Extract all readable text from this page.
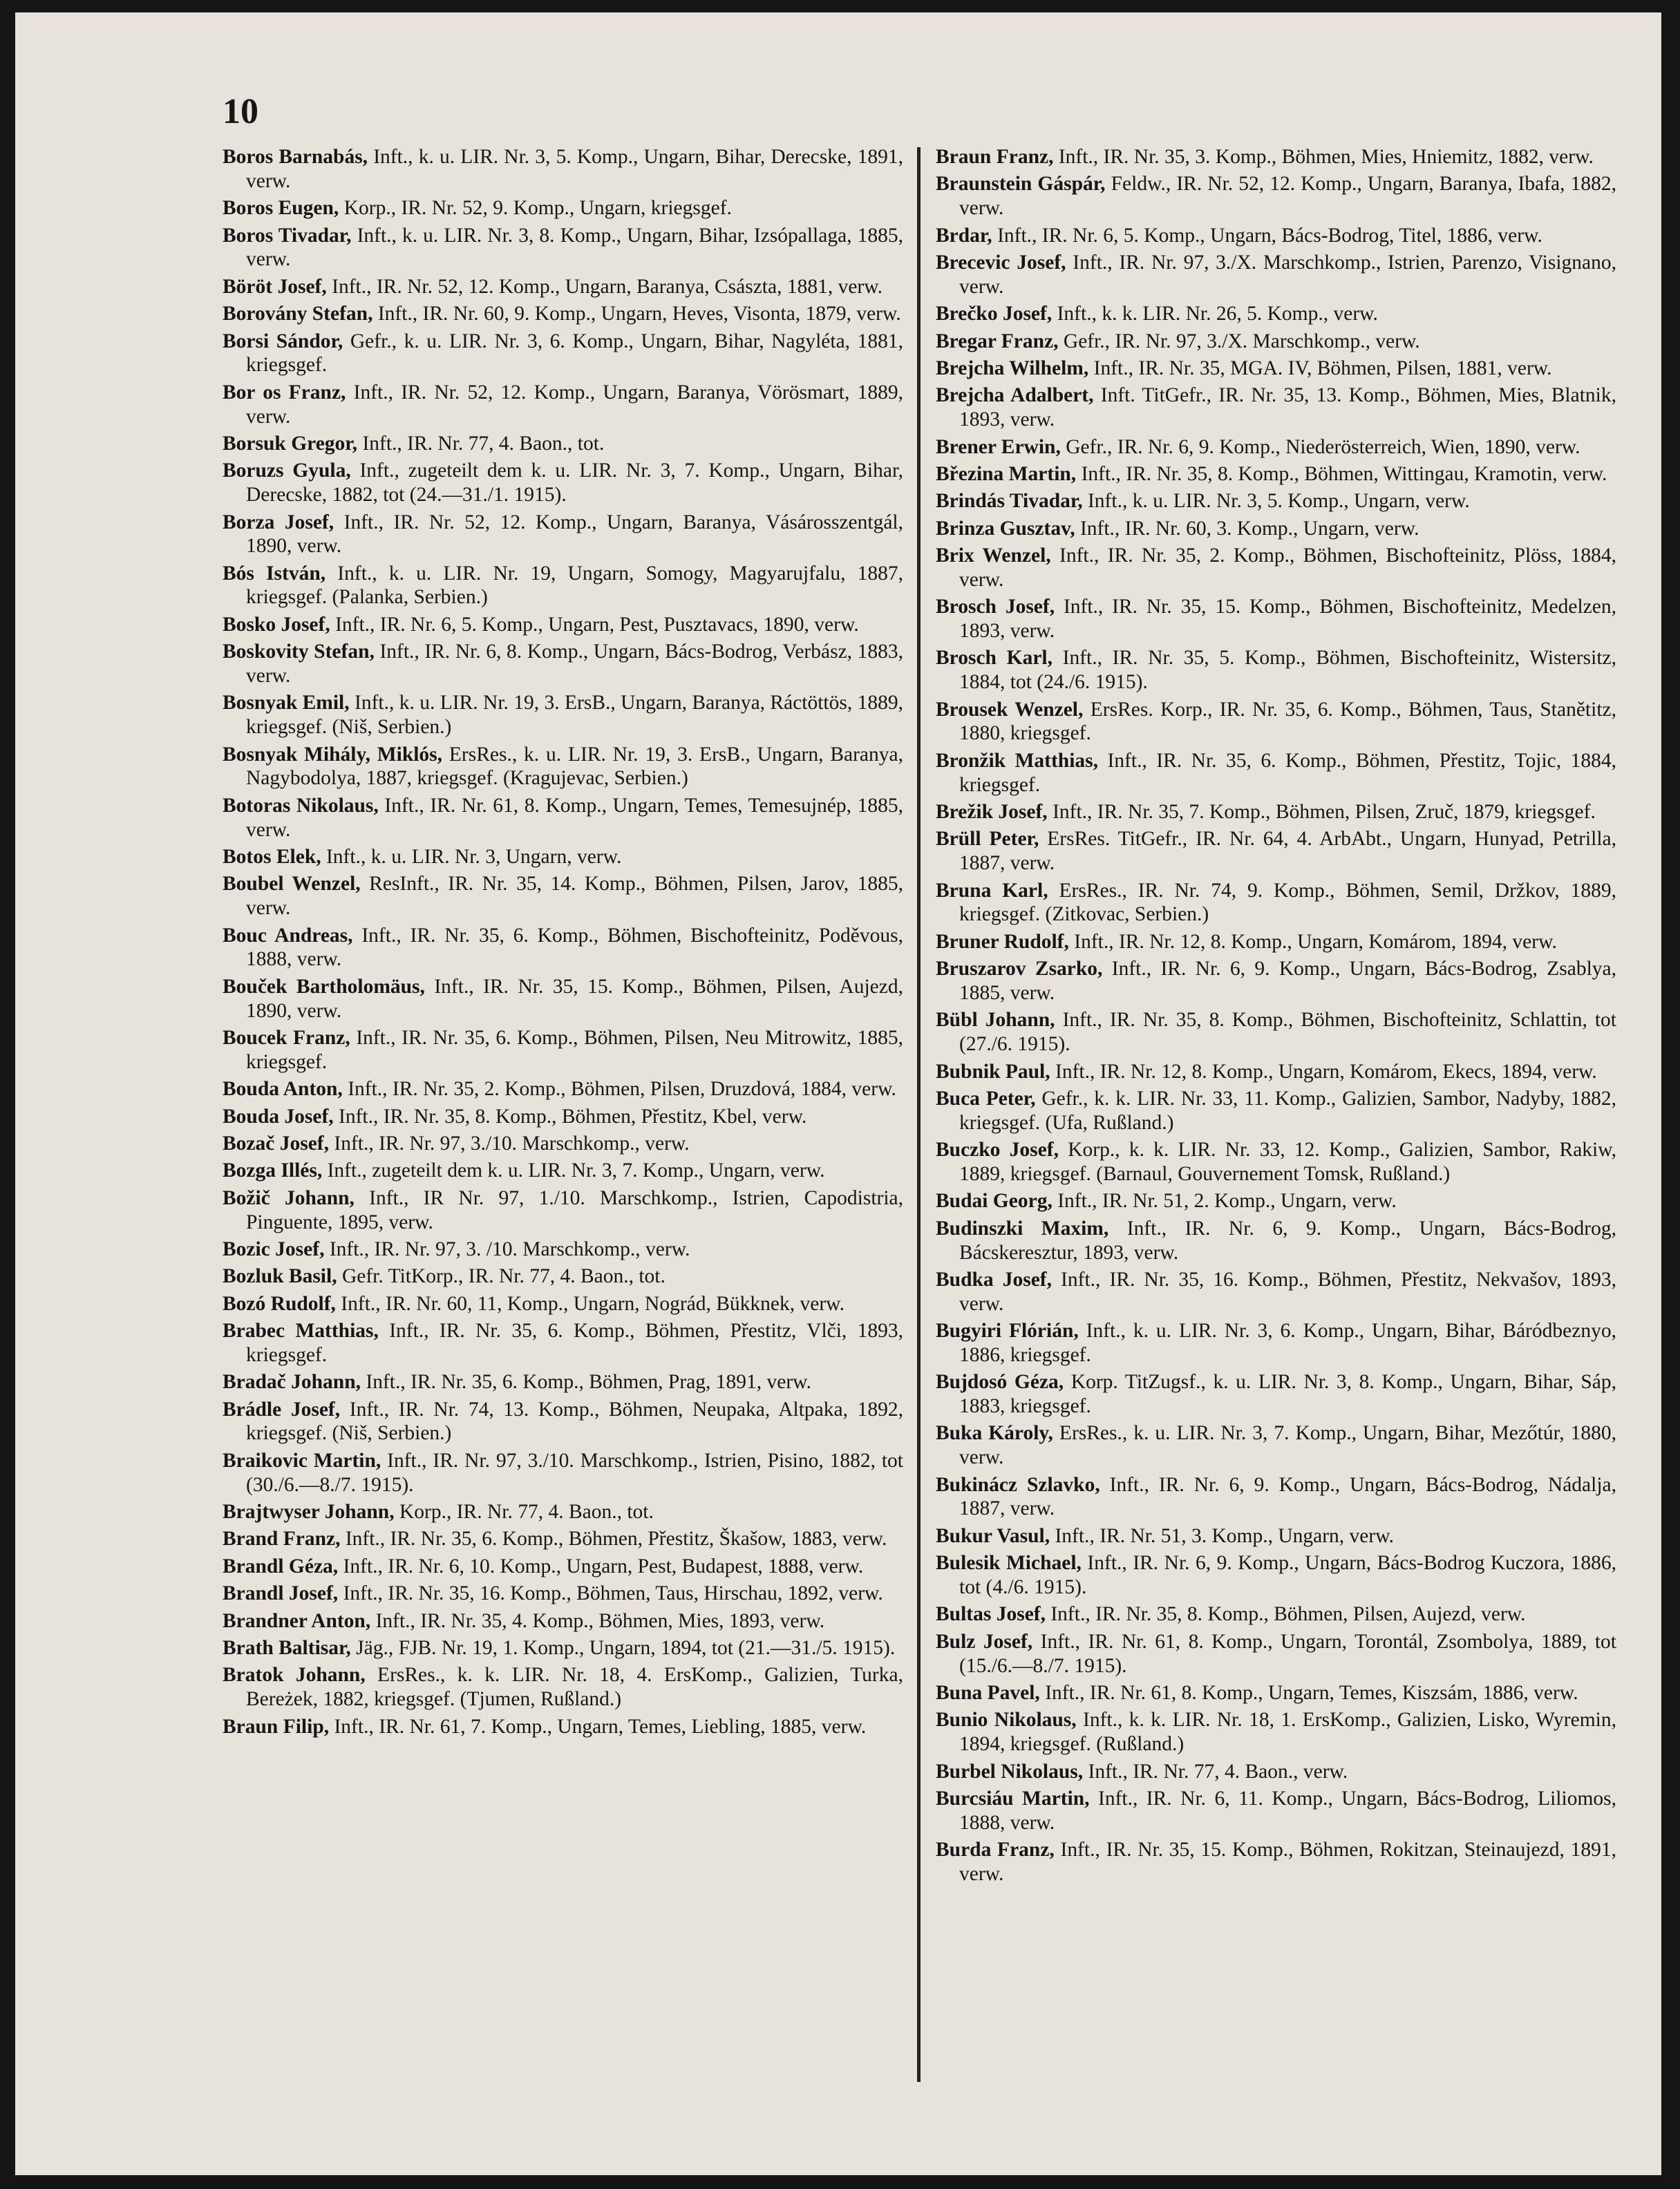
10

Boros Barnabás, Inft., k. u. LIR. Nr. 3, 5. Komp., Ungarn, Bihar, Derecske, 1891, verw.

Boros Eugen, Korp., IR. Nr. 52, 9. Komp., Ungarn, kriegsgef.

Boros Tivadar, Inft., k. u. LIR. Nr. 3, 8. Komp., Ungarn, Bihar, Izsópallaga, 1885, verw.

Böröt Josef, Inft., IR. Nr. 52, 12. Komp., Ungarn, Baranya, Császta, 1881, verw.

Borovány Stefan, Inft., IR. Nr. 60, 9. Komp., Ungarn, Heves, Visonta, 1879, verw.

Borsi Sándor, Gefr., k. u. LIR. Nr. 3, 6. Komp., Ungarn, Bihar, Nagyléta, 1881, kriegsgef.

Bor os Franz, Inft., IR. Nr. 52, 12. Komp., Ungarn, Baranya, Vörösmart, 1889, verw.

Borsuk Gregor, Inft., IR. Nr. 77, 4. Baon., tot.

Boruzs Gyula, Inft., zugeteilt dem k. u. LIR. Nr. 3, 7. Komp., Ungarn, Bihar, Derecske, 1882, tot (24.—31./1. 1915).

Borza Josef, Inft., IR. Nr. 52, 12. Komp., Ungarn, Baranya, Vásárosszentgál, 1890, verw.

Bós István, Inft., k. u. LIR. Nr. 19, Ungarn, Somogy, Magyarujfalu, 1887, kriegsgef. (Palanka, Serbien.)

Bosko Josef, Inft., IR. Nr. 6, 5. Komp., Ungarn, Pest, Pusztavacs, 1890, verw.

Boskovity Stefan, Inft., IR. Nr. 6, 8. Komp., Ungarn, Bács-Bodrog, Verbász, 1883, verw.

Bosnyak Emil, Inft., k. u. LIR. Nr. 19, 3. ErsB., Ungarn, Baranya, Ráctöttös, 1889, kriegsgef. (Niš, Serbien.)

Bosnyak Mihály, Miklós, ErsRes., k. u. LIR. Nr. 19, 3. ErsB., Ungarn, Baranya, Nagybodolya, 1887, kriegsgef. (Kragujevac, Serbien.)

Botoras Nikolaus, Inft., IR. Nr. 61, 8. Komp., Ungarn, Temes, Temesujnép, 1885, verw.

Botos Elek, Inft., k. u. LIR. Nr. 3, Ungarn, verw.

Boubel Wenzel, ResInft., IR. Nr. 35, 14. Komp., Böhmen, Pilsen, Jarov, 1885, verw.

Bouc Andreas, Inft., IR. Nr. 35, 6. Komp., Böhmen, Bischofteinitz, Poděvous, 1888, verw.

Bouček Bartholomäus, Inft., IR. Nr. 35, 15. Komp., Böhmen, Pilsen, Aujezd, 1890, verw.

Boucek Franz, Inft., IR. Nr. 35, 6. Komp., Böhmen, Pilsen, Neu Mitrowitz, 1885, kriegsgef.

Bouda Anton, Inft., IR. Nr. 35, 2. Komp., Böhmen, Pilsen, Druzdová, 1884, verw.

Bouda Josef, Inft., IR. Nr. 35, 8. Komp., Böhmen, Přestitz, Kbel, verw.

Bozač Josef, Inft., IR. Nr. 97, 3./10. Marschkomp., verw.

Bozga Illés, Inft., zugeteilt dem k. u. LIR. Nr. 3, 7. Komp., Ungarn, verw.

Božič Johann, Inft., IR Nr. 97, 1./10. Marschkomp., Istrien, Capodistria, Pinguente, 1895, verw.

Bozic Josef, Inft., IR. Nr. 97, 3. /10. Marschkomp., verw.

Bozluk Basil, Gefr. TitKorp., IR. Nr. 77, 4. Baon., tot.

Bozó Rudolf, Inft., IR. Nr. 60, 11, Komp., Ungarn, Nográd, Bükknek, verw.

Brabec Matthias, Inft., IR. Nr. 35, 6. Komp., Böhmen, Přestitz, Vlči, 1893, kriegsgef.

Bradač Johann, Inft., IR. Nr. 35, 6. Komp., Böhmen, Prag, 1891, verw.

Brádle Josef, Inft., IR. Nr. 74, 13. Komp., Böhmen, Neupaka, Altpaka, 1892, kriegsgef. (Niš, Serbien.)

Braikovic Martin, Inft., IR. Nr. 97, 3./10. Marschkomp., Istrien, Pisino, 1882, tot (30./6.—8./7. 1915).

Brajtwyser Johann, Korp., IR. Nr. 77, 4. Baon., tot.

Brand Franz, Inft., IR. Nr. 35, 6. Komp., Böhmen, Přestitz, Škašow, 1883, verw.

Brandl Géza, Inft., IR. Nr. 6, 10. Komp., Ungarn, Pest, Budapest, 1888, verw.

Brandl Josef, Inft., IR. Nr. 35, 16. Komp., Böhmen, Taus, Hirschau, 1892, verw.

Brandner Anton, Inft., IR. Nr. 35, 4. Komp., Böhmen, Mies, 1893, verw.

Brath Baltisar, Jäg., FJB. Nr. 19, 1. Komp., Ungarn, 1894, tot (21.—31./5. 1915).

Bratok Johann, ErsRes., k. k. LIR. Nr. 18, 4. ErsKomp., Galizien, Turka, Bereżek, 1882, kriegsgef. (Tjumen, Rußland.)

Braun Filip, Inft., IR. Nr. 61, 7. Komp., Ungarn, Temes, Liebling, 1885, verw.

Braun Franz, Inft., IR. Nr. 35, 3. Komp., Böhmen, Mies, Hniemitz, 1882, verw.

Braunstein Gáspár, Feldw., IR. Nr. 52, 12. Komp., Ungarn, Baranya, Ibafa, 1882, verw.

Brdar, Inft., IR. Nr. 6, 5. Komp., Ungarn, Bács-Bodrog, Titel, 1886, verw.

Brecevic Josef, Inft., IR. Nr. 97, 3./X. Marschkomp., Istrien, Parenzo, Visignano, verw.

Brečko Josef, Inft., k. k. LIR. Nr. 26, 5. Komp., verw.

Bregar Franz, Gefr., IR. Nr. 97, 3./X. Marschkomp., verw.

Brejcha Wilhelm, Inft., IR. Nr. 35, MGA. IV, Böhmen, Pilsen, 1881, verw.

Brejcha Adalbert, Inft. TitGefr., IR. Nr. 35, 13. Komp., Böhmen, Mies, Blatnik, 1893, verw.

Brener Erwin, Gefr., IR. Nr. 6, 9. Komp., Niederösterreich, Wien, 1890, verw.

Březina Martin, Inft., IR. Nr. 35, 8. Komp., Böhmen, Wittingau, Kramotin, verw.

Brindás Tivadar, Inft., k. u. LIR. Nr. 3, 5. Komp., Ungarn, verw.

Brinza Gusztav, Inft., IR. Nr. 60, 3. Komp., Ungarn, verw.

Brix Wenzel, Inft., IR. Nr. 35, 2. Komp., Böhmen, Bischofteinitz, Plöss, 1884, verw.

Brosch Josef, Inft., IR. Nr. 35, 15. Komp., Böhmen, Bischofteinitz, Medelzen, 1893, verw.

Brosch Karl, Inft., IR. Nr. 35, 5. Komp., Böhmen, Bischofteinitz, Wistersitz, 1884, tot (24./6. 1915).

Brousek Wenzel, ErsRes. Korp., IR. Nr. 35, 6. Komp., Böhmen, Taus, Stanětitz, 1880, kriegsgef.

Bronžik Matthias, Inft., IR. Nr. 35, 6. Komp., Böhmen, Přestitz, Tojic, 1884, kriegsgef.

Brežik Josef, Inft., IR. Nr. 35, 7. Komp., Böhmen, Pilsen, Zruč, 1879, kriegsgef.

Brüll Peter, ErsRes. TitGefr., IR. Nr. 64, 4. ArbAbt., Ungarn, Hunyad, Petrilla, 1887, verw.

Bruna Karl, ErsRes., IR. Nr. 74, 9. Komp., Böhmen, Semil, Držkov, 1889, kriegsgef. (Zitkovac, Serbien.)

Bruner Rudolf, Inft., IR. Nr. 12, 8. Komp., Ungarn, Komárom, 1894, verw.

Bruszarov Zsarko, Inft., IR. Nr. 6, 9. Komp., Ungarn, Bács-Bodrog, Zsablya, 1885, verw.

Bübl Johann, Inft., IR. Nr. 35, 8. Komp., Böhmen, Bischofteinitz, Schlattin, tot (27./6. 1915).

Bubnik Paul, Inft., IR. Nr. 12, 8. Komp., Ungarn, Komárom, Ekecs, 1894, verw.

Buca Peter, Gefr., k. k. LIR. Nr. 33, 11. Komp., Galizien, Sambor, Nadyby, 1882, kriegsgef. (Ufa, Rußland.)

Buczko Josef, Korp., k. k. LIR. Nr. 33, 12. Komp., Galizien, Sambor, Rakiw, 1889, kriegsgef. (Barnaul, Gouvernement Tomsk, Rußland.)

Budai Georg, Inft., IR. Nr. 51, 2. Komp., Ungarn, verw.

Budinszki Maxim, Inft., IR. Nr. 6, 9. Komp., Ungarn, Bács-Bodrog, Bácskeresztur, 1893, verw.

Budka Josef, Inft., IR. Nr. 35, 16. Komp., Böhmen, Přestitz, Nekvašov, 1893, verw.

Bugyiri Flórián, Inft., k. u. LIR. Nr. 3, 6. Komp., Ungarn, Bihar, Báródbeznyo, 1886, kriegsgef.

Bujdosó Géza, Korp. TitZugsf., k. u. LIR. Nr. 3, 8. Komp., Ungarn, Bihar, Sáp, 1883, kriegsgef.

Buka Károly, ErsRes., k. u. LIR. Nr. 3, 7. Komp., Ungarn, Bihar, Mezőtúr, 1880, verw.

Bukinácz Szlavko, Inft., IR. Nr. 6, 9. Komp., Ungarn, Bács-Bodrog, Nádalja, 1887, verw.

Bukur Vasul, Inft., IR. Nr. 51, 3. Komp., Ungarn, verw.

Bulesik Michael, Inft., IR. Nr. 6, 9. Komp., Ungarn, Bács-Bodrog Kuczora, 1886, tot (4./6. 1915).

Bultas Josef, Inft., IR. Nr. 35, 8. Komp., Böhmen, Pilsen, Aujezd, verw.

Bulz Josef, Inft., IR. Nr. 61, 8. Komp., Ungarn, Torontál, Zsombolya, 1889, tot (15./6.—8./7. 1915).

Buna Pavel, Inft., IR. Nr. 61, 8. Komp., Ungarn, Temes, Kiszsám, 1886, verw.

Bunio Nikolaus, Inft., k. k. LIR. Nr. 18, 1. ErsKomp., Galizien, Lisko, Wyremin, 1894, kriegsgef. (Rußland.)

Burbel Nikolaus, Inft., IR. Nr. 77, 4. Baon., verw.

Burcsiáu Martin, Inft., IR. Nr. 6, 11. Komp., Ungarn, Bács-Bodrog, Liliomos, 1888, verw.

Burda Franz, Inft., IR. Nr. 35, 15. Komp., Böhmen, Rokitzan, Steinaujezd, 1891, verw.
